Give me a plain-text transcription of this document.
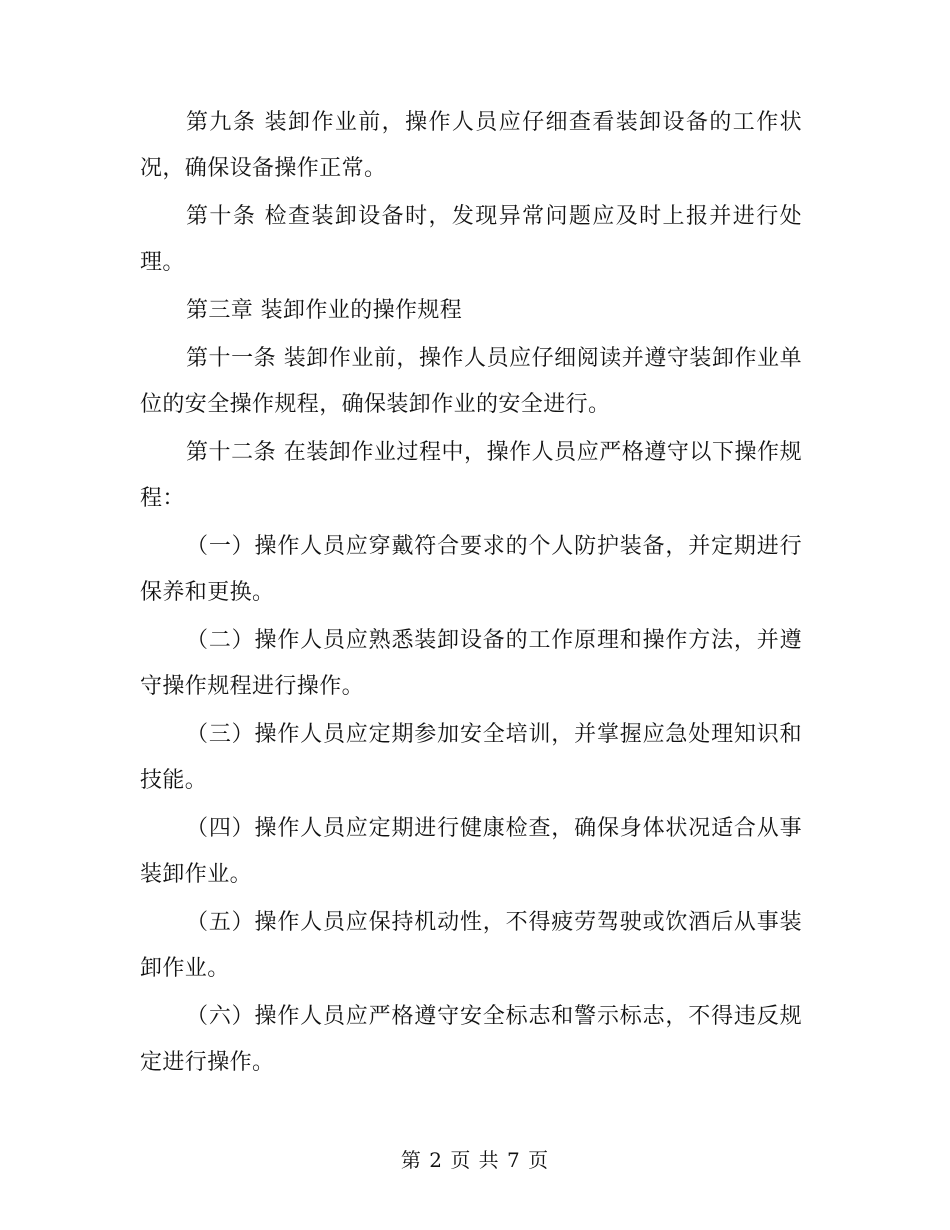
第九条 装卸作业前，操作人员应仔细查看装卸设备的工作状况，确保设备操作正常。

第十条 检查装卸设备时，发现异常问题应及时上报并进行处理。

第三章 装卸作业的操作规程

第十一条 装卸作业前，操作人员应仔细阅读并遵守装卸作业单位的安全操作规程，确保装卸作业的安全进行。

第十二条 在装卸作业过程中，操作人员应严格遵守以下操作规程：

（一）操作人员应穿戴符合要求的个人防护装备，并定期进行保养和更换。

（二）操作人员应熟悉装卸设备的工作原理和操作方法，并遵守操作规程进行操作。

（三）操作人员应定期参加安全培训，并掌握应急处理知识和技能。

（四）操作人员应定期进行健康检查，确保身体状况适合从事装卸作业。

（五）操作人员应保持机动性，不得疲劳驾驶或饮酒后从事装卸作业。

（六）操作人员应严格遵守安全标志和警示标志，不得违反规定进行操作。

第 2 页 共 7 页
